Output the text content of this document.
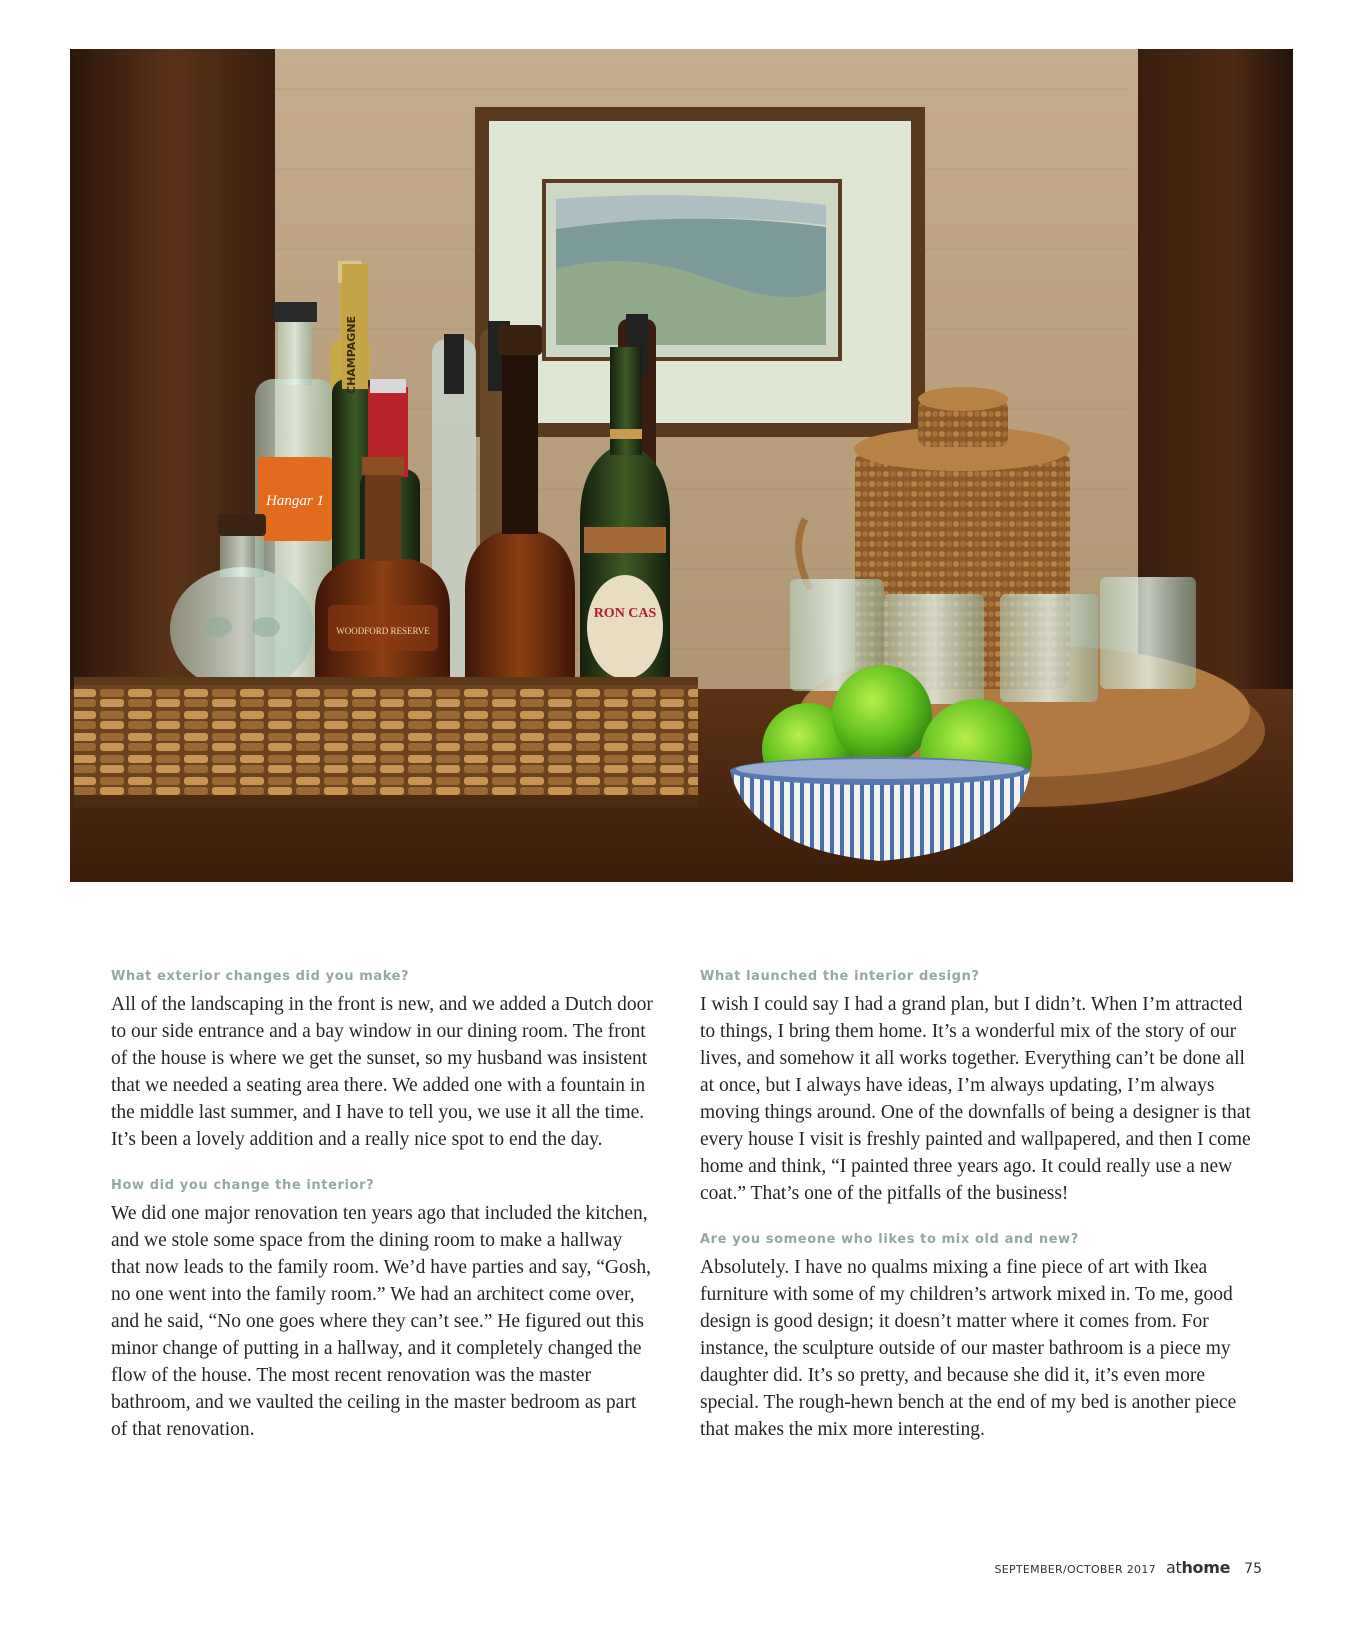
Hangar 1
CHAMPAGNE
WOODFORD RESERVE
RON CAS

What exterior changes did you make?

All of the landscaping in the front is new, and we added a Dutch door to our side entrance and a bay window in our dining room. The front of the house is where we get the sunset, so my husband was insistent that we needed a seating area there. We added one with a fountain in the middle last summer, and I have to tell you, we use it all the time. It’s been a lovely addition and a really nice spot to end the day.

How did you change the interior?

We did one major renovation ten years ago that included the kitchen, and we stole some space from the dining room to make a hallway that now leads to the family room. We’d have parties and say, “Gosh, no one went into the family room.” We had an architect come over, and he said, “No one goes where they can’t see.” He figured out this minor change of putting in a hallway, and it completely changed the flow of the house. The most recent renovation was the master bathroom, and we vaulted the ceiling in the master bedroom as part of that renovation.

What launched the interior design?

I wish I could say I had a grand plan, but I didn’t. When I’m attracted to things, I bring them home. It’s a wonderful mix of the story of our lives, and somehow it all works together. Everything can’t be done all at once, but I always have ideas, I’m always updating, I’m always moving things around. One of the downfalls of being a designer is that every house I visit is freshly painted and wallpapered, and then I come home and think, “I painted three years ago. It could really use a new coat.” That’s one of the pitfalls of the business!

Are you someone who likes to mix old and new?

Absolutely. I have no qualms mixing a fine piece of art with Ikea furniture with some of my children’s artwork mixed in. To me, good design is good design; it doesn’t matter where it comes from. For instance, the sculpture outside of our master bathroom is a piece my daughter did. It’s so pretty, and because she did it, it’s even more special. The rough-hewn bench at the end of my bed is another piece that makes the mix more interesting.

SEPTEMBER/OCTOBER 2017 athome 75
